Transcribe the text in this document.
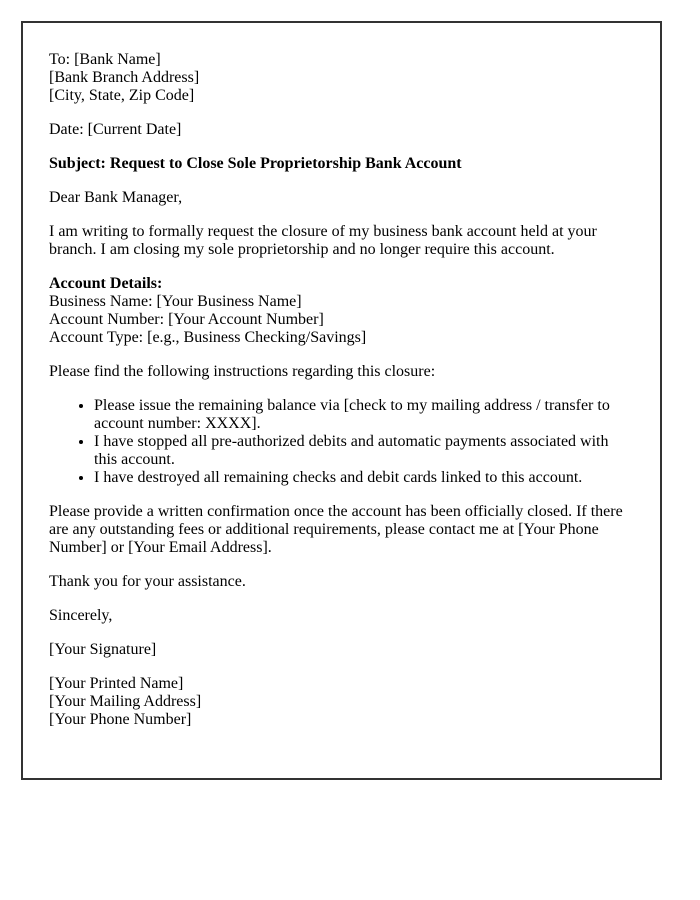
To: [Bank Name]
[Bank Branch Address]
[City, State, Zip Code]

Date: [Current Date]

Subject: Request to Close Sole Proprietorship Bank Account

Dear Bank Manager,

I am writing to formally request the closure of my business bank account held at your branch. I am closing my sole proprietorship and no longer require this account.

Account Details:
Business Name: [Your Business Name]
Account Number: [Your Account Number]
Account Type: [e.g., Business Checking/Savings]

Please find the following instructions regarding this closure:

• Please issue the remaining balance via [check to my mailing address / transfer to account number: XXXX].
• I have stopped all pre-authorized debits and automatic payments associated with this account.
• I have destroyed all remaining checks and debit cards linked to this account.

Please provide a written confirmation once the account has been officially closed. If there are any outstanding fees or additional requirements, please contact me at [Your Phone Number] or [Your Email Address].

Thank you for your assistance.

Sincerely,

[Your Signature]

[Your Printed Name]
[Your Mailing Address]
[Your Phone Number]
